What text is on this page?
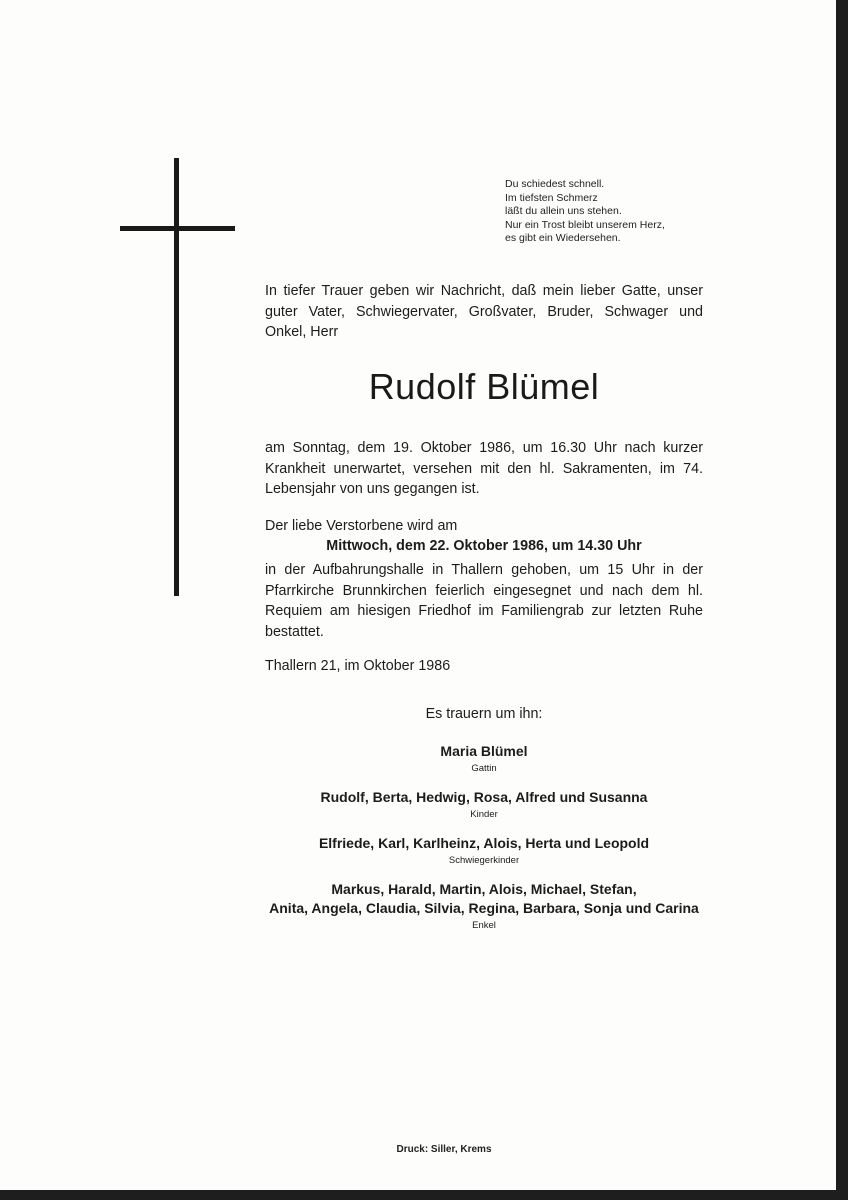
Du schiedest schnell.
Im tiefsten Schmerz
läßt du allein uns stehen.
Nur ein Trost bleibt unserem Herz,
es gibt ein Wiedersehen.
In tiefer Trauer geben wir Nachricht, daß mein lieber Gatte, unser guter Vater, Schwiegervater, Großvater, Bruder, Schwager und Onkel, Herr
Rudolf Blümel
am Sonntag, dem 19. Oktober 1986, um 16.30 Uhr nach kurzer Krankheit unerwartet, versehen mit den hl. Sakramenten, im 74. Lebensjahr von uns gegangen ist.
Der liebe Verstorbene wird am
Mittwoch, dem 22. Oktober 1986, um 14.30 Uhr
in der Aufbahrungshalle in Thallern gehoben, um 15 Uhr in der Pfarrkirche Brunnkirchen feierlich eingesegnet und nach dem hl. Requiem am hiesigen Friedhof im Familiengrab zur letzten Ruhe bestattet.
Thallern 21, im Oktober 1986
Es trauern um ihn:
Maria Blümel
Gattin
Rudolf, Berta, Hedwig, Rosa, Alfred und Susanna
Kinder
Elfriede, Karl, Karlheinz, Alois, Herta und Leopold
Schwiegerkinder
Markus, Harald, Martin, Alois, Michael, Stefan,
Anita, Angela, Claudia, Silvia, Regina, Barbara, Sonja und Carina
Enkel
Druck: Siller, Krems
